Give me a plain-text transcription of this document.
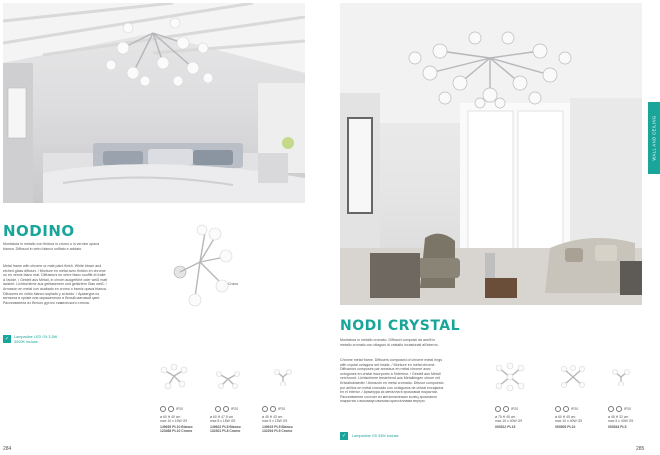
NODINO

Montatura in metallo con finitura in cromo o in vernice opaca bianca. Diffusori in vetro bianco soffiato e acidato.

Metal frame with chrome or matt paint finish. White blown and etched glass diffuser. / Monture en métal avec finition en chrome ou en vernis blanc mat. Diffuseurs en verre blanc soufflé et traité à l'acide. / Gestell aus Metall, in chrom ausgeführt oder weiß matt lackiert. Lichtschirme aus geblasenem und geätztem Glas weiß. / Armazón en metal con acabado en cromo o barniz opaca blanca. Difusores en vidrio blanco soplado y al ácido. / Арматура из металла в хроме или окрашенного в белый матовый цвет. Рассеиватели из белого дутого химического стекла.

Cromo
✓	Lampadine LED G9 3,5W
3000K incluse
IP20	IP20	IP20
ø 60 H 40 cm
max 10 x 15W G9
149639 PL10 Bianco
123468 PL10 Cromo
ø 60 H 47,5 cm
max 8 x 15W G9
149622 PL8 Bianco
132301 PL8 Cromo
ø 45 H 43 cm
max 5 x 15W G9
149615 PL5 Bianco
132294 PL5 Cromo
284
WALL AND CEILING
NODI CRYSTAL

Montatura in metallo cromato. Diffusori composti da anelli in metallo cromato con ottagoni di cristallo incastonati all'interno.

Chrome metal frame. Diffusers composed of chrome metal rings with crystal octagons set inside. / Monture en métal chromé. Diffuseurs composés par anneaux en métal chromé avec octogones en cristal incorporés à l'intérieur. / Gestell aus Metall verchromt. Lichtschirme bestehend aus Metallringen chrom mit Kristalloktaeder / Armazón en metal cromado. Difusor compuesto por anillos en metal cromado con octágonos de cristal encajados en el interior. / Арматура из металла в хромовом покрытии. Рассеиватели состоят из металлических колец хромового покрытия с восьмиугольными кристаллами внутри.

✓	Lampadine G9 33W incluse
IP20	IP20	IP20
ø 75 H 45 cm
max 15 x 40W G9
093512 PL15
ø 60 H 45 cm
max 10 x 40W G9
093505 PL10
ø 45 H 32 cm
max 5 x 40W G9
093543 PL5
285
